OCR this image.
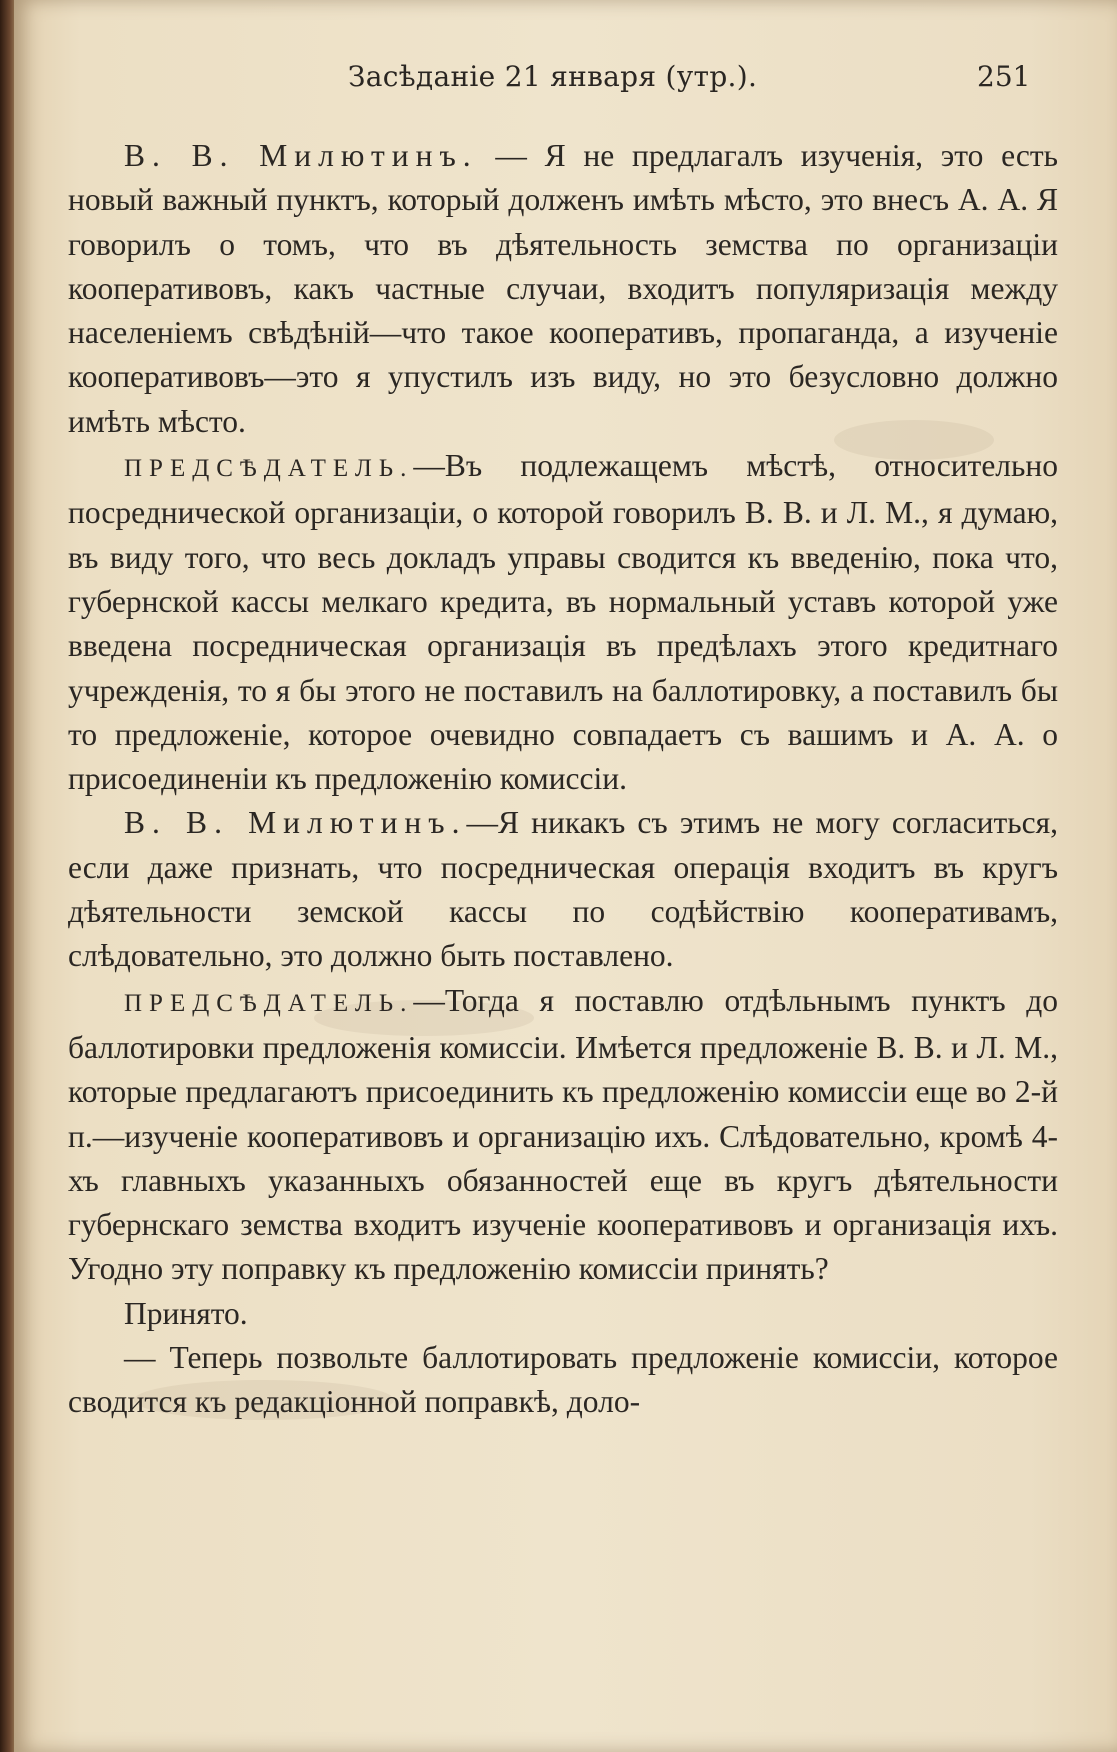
Засѣданіе 21 января (утр.).	251

В. В. Милютинъ. — Я не предлагалъ изученія, это есть новый важный пунктъ, который долженъ имѣть мѣсто, это внесъ А. А. Я говорилъ о томъ, что въ дѣятельность земства по организаціи кооперативовъ, какъ частные случаи, входитъ популяризація между населеніемъ свѣдѣній—что такое кооперативъ, пропаганда, а изученіе кооперативовъ—это я упустилъ изъ виду, но это безусловно должно имѣть мѣсто.

ПРЕДСѢДАТЕЛЬ.—Въ подлежащемъ мѣстѣ, относительно посреднической организаціи, о которой говорилъ В. В. и Л. М., я думаю, въ виду того, что весь докладъ управы сводится къ введенію, пока что, губернской кассы мелкаго кредита, въ нормальный уставъ которой уже введена посредническая организація въ предѣлахъ этого кредитнаго учрежденія, то я бы этого не поставилъ на баллотировку, а поставилъ бы то предложеніе, которое очевидно совпадаетъ съ вашимъ и А. А. о присоединеніи къ предложенію комиссіи.

В. В. Милютинъ.—Я никакъ съ этимъ не могу согласиться, если даже признать, что посредническая операція входитъ въ кругъ дѣятельности земской кассы по содѣйствію кооперативамъ, слѣдовательно, это должно быть поставлено.

ПРЕДСѢДАТЕЛЬ.—Тогда я поставлю отдѣльнымъ пунктъ до баллотировки предложенія комиссіи. Имѣется предложеніе В. В. и Л. М., которые предлагаютъ присоединить къ предложенію комиссіи еще во 2-й п.—изученіе кооперативовъ и организацію ихъ. Слѣдовательно, кромѣ 4-хъ главныхъ указанныхъ обязанностей еще въ кругъ дѣятельности губернскаго земства входитъ изученіе кооперативовъ и организація ихъ. Угодно эту поправку къ предложенію комиссіи принять?

Принято.

— Теперь позвольте баллотировать предложеніе комиссіи, которое сводится къ редакціонной поправкѣ, доло-
